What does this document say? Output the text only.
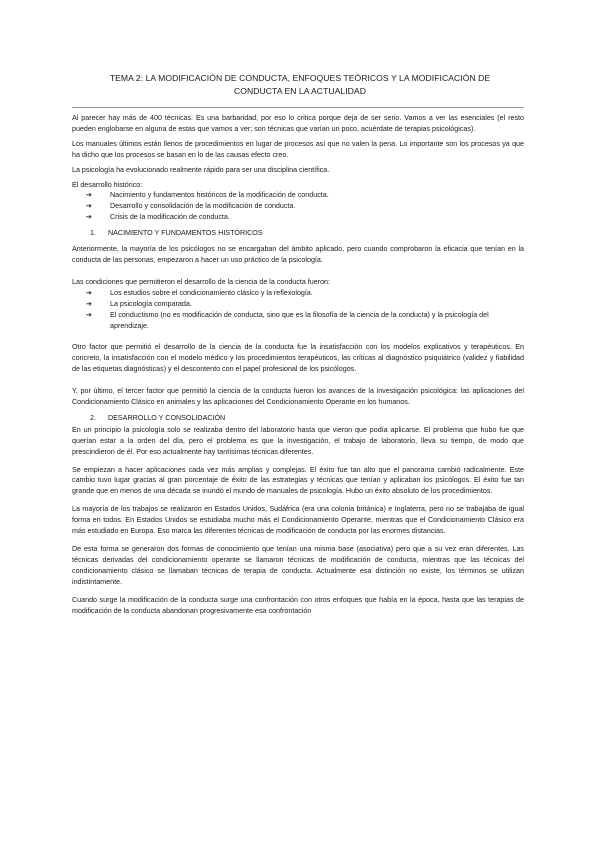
TEMA 2: LA MODIFICACIÓN DE CONDUCTA, ENFOQUES TEÓRICOS Y LA MODIFICACIÓN DE
CONDUCTA EN LA ACTUALIDAD

Al parecer hay más de 400 técnicas. Es una barbaridad, por eso lo critica porque deja de ser serio. Vamos a ver las esenciales (el resto pueden englobarse en alguna de estas que vamos a ver; son técnicas que varían un poco, acuérdate de terapias psicológicas).

Los manuales últimos están llenos de procedimientos en lugar de procesos así que no valen la pena. Lo importante son los procesos ya que ha dicho que los procesos se basan en lo de las causas efecto creo.

La psicología ha evolucionado realmente rápido para ser una disciplina científica.

El desarrollo histórico:

➔	Nacimiento y fundamentos históricos de la modificación de conducta.
➔	Desarrollo y consolidación de la modificación de conducta.
➔	Crisis de la modificación de conducta.
1.	NACIMIENTO Y FUNDAMENTOS HISTÓRICOS

Anteriormente, la mayoría de los psicólogos no se encargaban del ámbito aplicado, pero cuando comprobaron la eficacia que tenían en la conducta de las personas, empezaron a hacer un uso práctico de la psicología.

Las condiciones que permitieron el desarrollo de la ciencia de la conducta fueron:

➔	Los estudios sobre el condicionamiento clásico y la reflexología.
➔	La psicología comparada.
➔	El conductismo (no es modificación de conducta, sino que es la filosofía de la ciencia de la conducta) y la psicología del aprendizaje.

Otro factor que permitió el desarrollo de la ciencia de la conducta fue la insatisfacción con los modelos explicativos y terapéuticos. En concreto, la insatisfacción con el modelo médico y los procedimientos terapéuticos, las críticas al diagnóstico psiquiátrico (validez y fiabilidad de las etiquetas diagnósticas) y el descontento con el papel profesional de los psicólogos.

Y, por último, el tercer factor que permitió la ciencia de la conducta fueron los avances de la investigación psicológica: las aplicaciones del Condicionamiento Clásico en animales y las aplicaciones del Condicionamiento Operante en los humanos.

2.	DESARROLLO Y CONSOLIDACIÓN

En un principio la psicología solo se realizaba dentro del laboratorio hasta que vieron que podía aplicarse. El problema que hubo fue que querían estar a la orden del día, pero el problema es que la investigación, el trabajo de laboratorio, lleva su tiempo, de modo que prescindieron de él. Por eso actualmente hay tantísimas técnicas diferentes.

Se empiezan a hacer aplicaciones cada vez más amplias y complejas. El éxito fue tan alto que el panorama cambió radicalmente. Este cambio tuvo lugar gracias al gran porcentaje de éxito de las estrategias y técnicas que tenían y aplicaban los psicólogos. El éxito fue tan grande que en menos de una década se inundó el mundo de manuales de psicología. Hubo un éxito absoluto de los procedimientos.

La mayoría de los trabajos se realizaron en Estados Unidos, Sudáfrica (era una colonia británica) e Inglaterra, pero no se trabajaba de igual forma en todos. En Estados Unidos se estudiaba mucho más el Condicionamiento Operante, mientras que el Condicionamiento Clásico era más estudiado en Europa. Eso marca las diferentes técnicas de modificación de conducta por las enormes distancias.

De esta forma se generaron dos formas de conocimiento que tenían una misma base (asociativa) pero que a su vez eran diferentes. Las técnicas derivadas del condicionamiento operante se llamaron técnicas de modificación de conducta, mientras que las técnicas del condicionamiento clásico se llamaban técnicas de terapia de conducta. Actualmente esa distinción no existe, los términos se utilizan indistintamente.

Cuando surge la modificación de la conducta surge una confrontación con otros enfoques que había en la época, hasta que las terapias de modificación de la conducta abandonan progresivamente esa confrontación
